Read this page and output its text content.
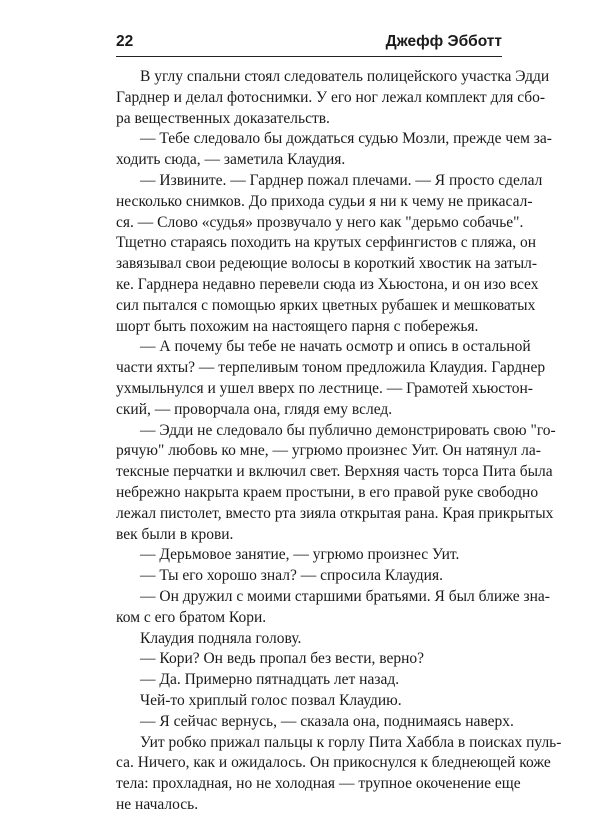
22	Джефф Эбботт
В углу спальни стоял следователь полицейского участка Эдди
Гарднер и делал фотоснимки. У его ног лежал комплект для сбо-
ра вещественных доказательств.
— Тебе следовало бы дождаться судью Мозли, прежде чем за-
ходить сюда, — заметила Клаудия.
— Извините. — Гарднер пожал плечами. — Я просто сделал
несколько снимков. До прихода судьи я ни к чему не прикасал-
ся. — Слово «судья» прозвучало у него как "дерьмо собачье".
Тщетно стараясь походить на крутых серфингистов с пляжа, он
завязывал свои редеющие волосы в короткий хвостик на затыл-
ке. Гарднера недавно перевели сюда из Хьюстона, и он изо всех
сил пытался с помощью ярких цветных рубашек и мешковатых
шорт быть похожим на настоящего парня с побережья.
— А почему бы тебе не начать осмотр и опись в остальной
части яхты? — терпеливым тоном предложила Клаудия. Гарднер
ухмыльнулся и ушел вверх по лестнице. — Грамотей хьюстон-
ский, — проворчала она, глядя ему вслед.
— Эдди не следовало бы публично демонстрировать свою "го-
рячую" любовь ко мне, — угрюмо произнес Уит. Он натянул ла-
тексные перчатки и включил свет. Верхняя часть торса Пита была
небрежно накрыта краем простыни, в его правой руке свободно
лежал пистолет, вместо рта зияла открытая рана. Края прикрытых
век были в крови.
— Дерьмовое занятие, — угрюмо произнес Уит.
— Ты его хорошо знал? — спросила Клаудия.
— Он дружил с моими старшими братьями. Я был ближе зна-
ком с его братом Кори.
Клаудия подняла голову.
— Кори? Он ведь пропал без вести, верно?
— Да. Примерно пятнадцать лет назад.
Чей-то хриплый голос позвал Клаудию.
— Я сейчас вернусь, — сказала она, поднимаясь наверх.
Уит робко прижал пальцы к горлу Пита Хаббла в поисках пуль-
са. Ничего, как и ожидалось. Он прикоснулся к бледнеющей коже
тела: прохладная, но не холодная — трупное окоченение еще
не началось.
